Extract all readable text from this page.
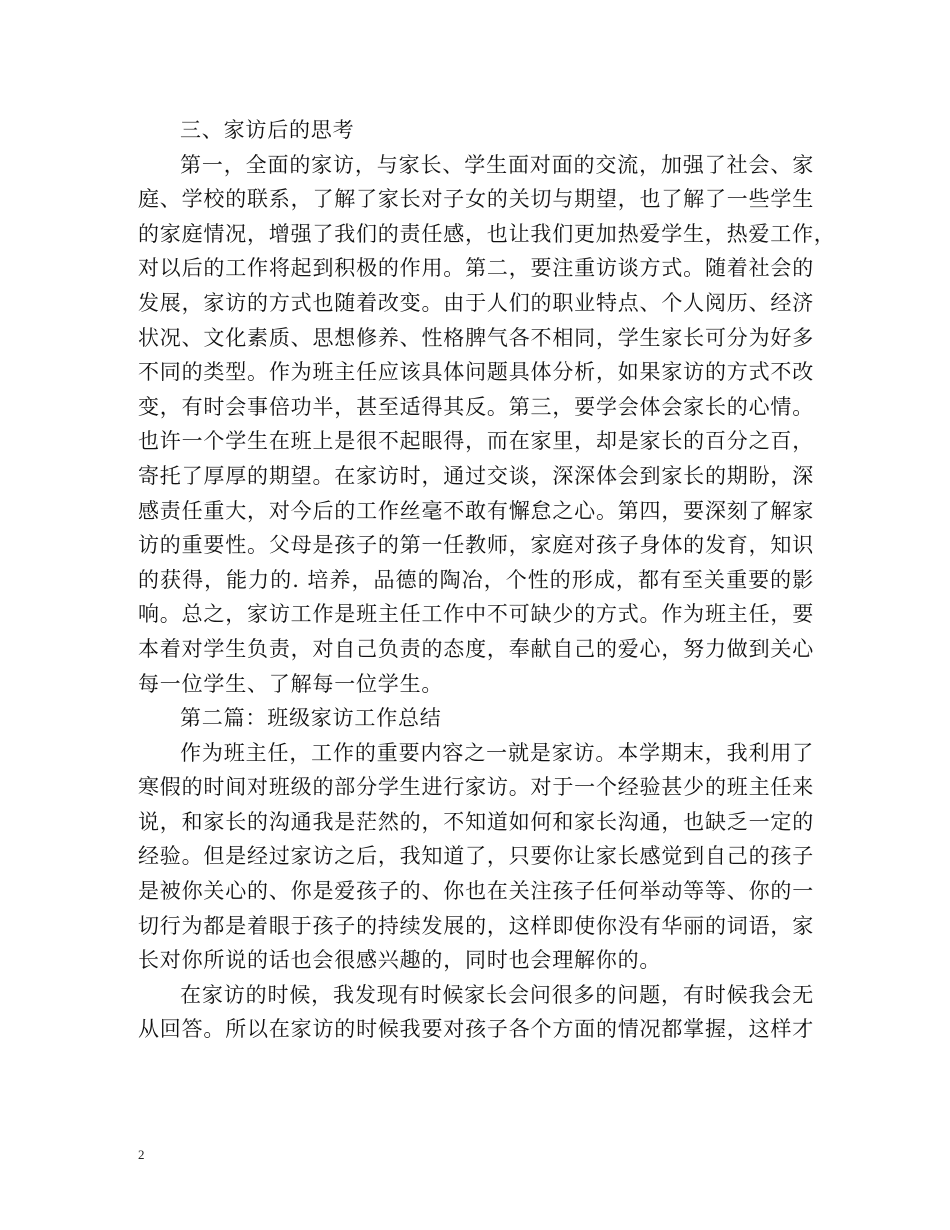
三、家访后的思考
第一，全面的家访，与家长、学生面对面的交流，加强了社会、家
庭、学校的联系，了解了家长对子女的关切与期望，也了解了一些学生
的家庭情况，增强了我们的责任感，也让我们更加热爱学生，热爱工作，
对以后的工作将起到积极的作用。第二，要注重访谈方式。随着社会的
发展，家访的方式也随着改变。由于人们的职业特点、个人阅历、经济
状况、文化素质、思想修养、性格脾气各不相同，学生家长可分为好多
不同的类型。作为班主任应该具体问题具体分析，如果家访的方式不改
变，有时会事倍功半，甚至适得其反。第三，要学会体会家长的心情。
也许一个学生在班上是很不起眼得，而在家里，却是家长的百分之百，
寄托了厚厚的期望。在家访时，通过交谈，深深体会到家长的期盼，深
感责任重大，对今后的工作丝毫不敢有懈怠之心。第四，要深刻了解家
访的重要性。父母是孩子的第一任教师，家庭对孩子身体的发育，知识
的获得，能力的. 培养，品德的陶冶，个性的形成，都有至关重要的影
响。总之，家访工作是班主任工作中不可缺少的方式。作为班主任，要
本着对学生负责，对自己负责的态度，奉献自己的爱心，努力做到关心
每一位学生、了解每一位学生。
第二篇：班级家访工作总结
作为班主任，工作的重要内容之一就是家访。本学期末，我利用了
寒假的时间对班级的部分学生进行家访。对于一个经验甚少的班主任来
说，和家长的沟通我是茫然的，不知道如何和家长沟通，也缺乏一定的
经验。但是经过家访之后，我知道了，只要你让家长感觉到自己的孩子
是被你关心的、你是爱孩子的、你也在关注孩子任何举动等等、你的一
切行为都是着眼于孩子的持续发展的，这样即使你没有华丽的词语，家
长对你所说的话也会很感兴趣的，同时也会理解你的。
在家访的时候，我发现有时候家长会问很多的问题，有时候我会无
从回答。所以在家访的时候我要对孩子各个方面的情况都掌握，这样才
2
